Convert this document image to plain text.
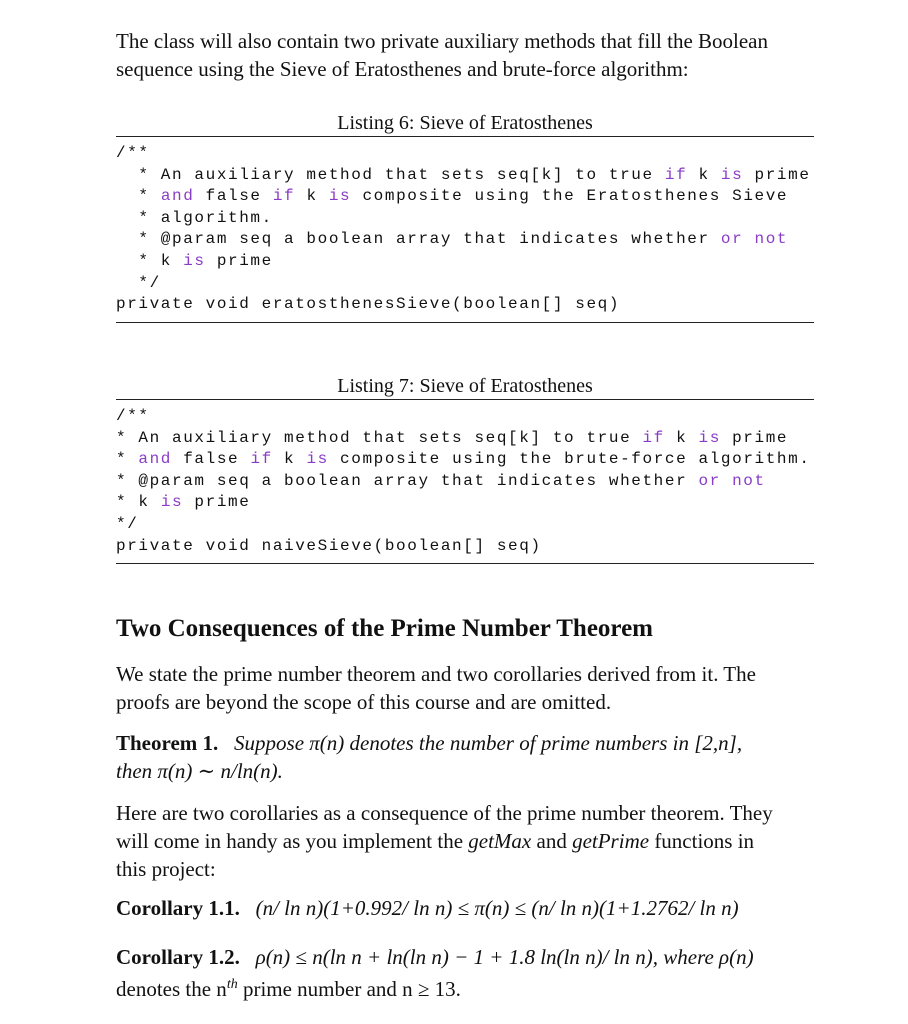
The class will also contain two private auxiliary methods that fill the Boolean
sequence using the Sieve of Eratosthenes and brute-force algorithm:
Listing 6: Sieve of Eratosthenes
/**
* An auxiliary method that sets seq[k] to true if k is prime
* and false if k is composite using the Eratosthenes Sieve
* algorithm.
* @param seq a boolean array that indicates whether or not
* k is prime
*/
private void eratosthenesSieve(boolean[] seq)
Listing 7: Sieve of Eratosthenes
/**
* An auxiliary method that sets seq[k] to true if k is prime
* and false if k is composite using the brute-force algorithm.
* @param seq a boolean array that indicates whether or not
* k is prime
*/
private void naiveSieve(boolean[] seq)
Two Consequences of the Prime Number Theorem
We state the prime number theorem and two corollaries derived from it. The
proofs are beyond the scope of this course and are omitted.
Theorem 1. Suppose π(n) denotes the number of prime numbers in [2,n],
then π(n) ∼ n/ln(n).
Here are two corollaries as a consequence of the prime number theorem. They
will come in handy as you implement the getMax and getPrime functions in
this project:
Corollary 1.1. (n/ ln n)(1+0.992/ ln n) ≤ π(n) ≤ (n/ ln n)(1+1.2762/ ln n)
Corollary 1.2. ρ(n) ≤ n(ln n + ln(ln n) − 1 + 1.8 ln(ln n)/ ln n), where ρ(n)
denotes the $n^{th}$ prime number and n ≥ 13.
